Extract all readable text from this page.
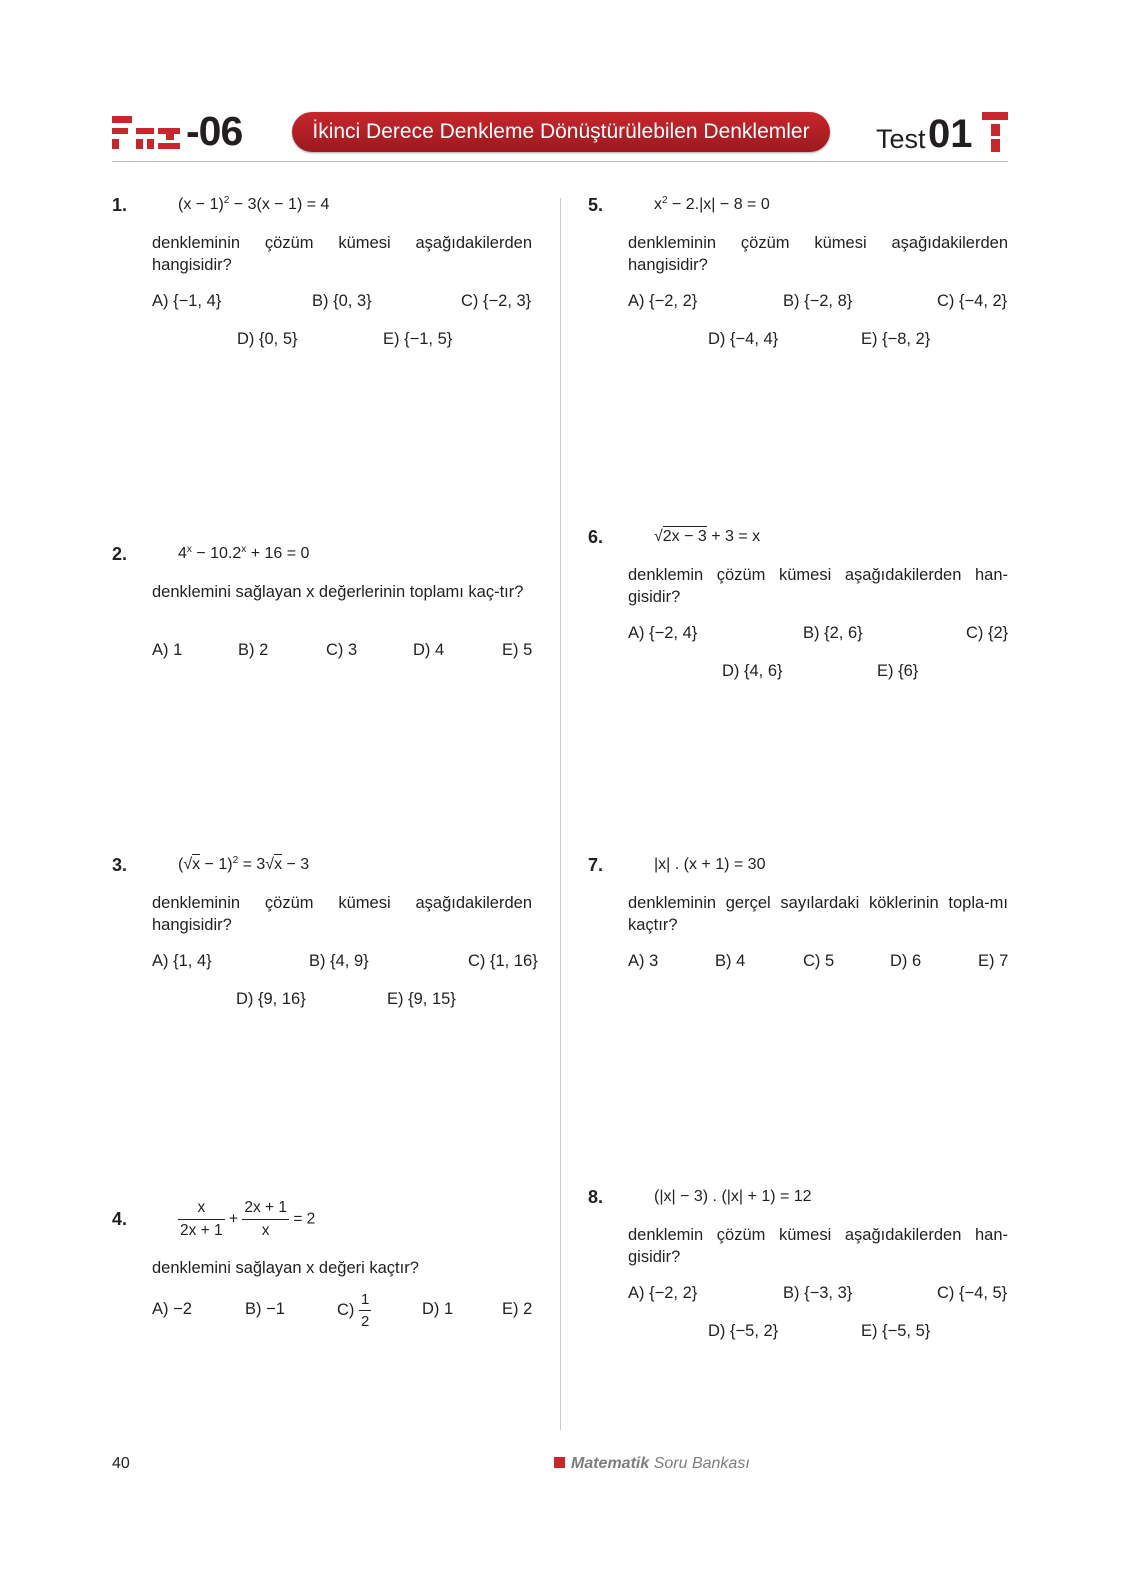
-06	İkinci Derece Denkleme Dönüştürülebilen Denklemler	Test 01
1.	$(x - 1)^2 - 3(x - 1) = 4$
denkleminin çözüm kümesi aşağıdakilerden hangisidir?
A) {−1, 4}	B) {0, 3}	C) {−2, 3}
D) {0, 5}	E) {−1, 5}
2.	$4^x - 10.2^x + 16 = 0$
denklemini sağlayan x değerlerinin toplamı kaç-tır?
A) 1	B) 2	C) 3	D) 4	E) 5
3.	$(√x - 1)^2 = 3√x - 3$
denkleminin çözüm kümesi aşağıdakilerden hangisidir?
A) {1, 4}	B) {4, 9}	C) {1, 16}
D) {9, 16}	E) {9, 15}
4.	$\frac{x}{2x + 1} + \frac{2x + 1}{x} = 2$
denklemini sağlayan x değeri kaçtır?
A) −2	B) −1	$C) \frac{1}{2}$	D) 1	E) 2
5.	$x^2 - 2.|x| - 8 = 0$
denkleminin çözüm kümesi aşağıdakilerden hangisidir?
A) {−2, 2}	B) {−2, 8}	C) {−4, 2}
D) {−4, 4}	E) {−8, 2}
6.	√2x − 3 + 3 = x
denklemin çözüm kümesi aşağıdakilerden han-gisidir?
A) {−2, 4}	B) {2, 6}	C) {2}
D) {4, 6}	E) {6}
7.	|x| . (x + 1) = 30
denkleminin gerçel sayılardaki köklerinin topla-mı kaçtır?
A) 3	B) 4	C) 5	D) 6	E) 7
8.	(|x| − 3) . (|x| + 1) = 12
denklemin çözüm kümesi aşağıdakilerden han-gisidir?
A) {−2, 2}	B) {−3, 3}	C) {−4, 5}
D) {−5, 2}	E) {−5, 5}
40	Matematik Soru Bankası
